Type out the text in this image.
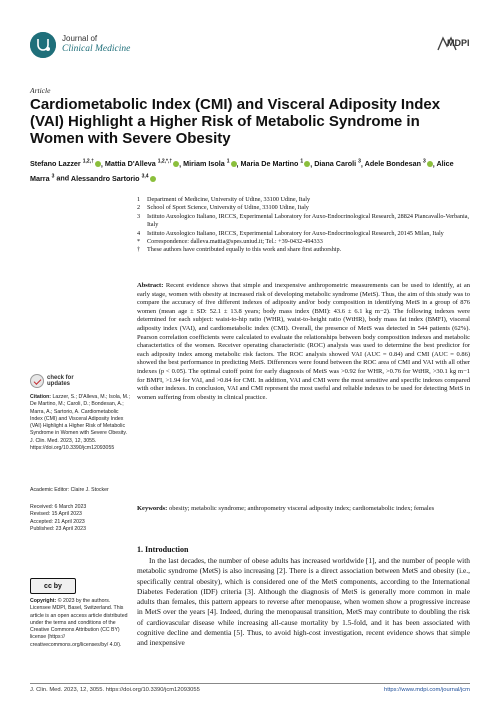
Journal of
Clinical Medicine
MDPI
Article
Cardiometabolic Index (CMI) and Visceral Adiposity Index (VAI) Highlight a Higher Risk of Metabolic Syndrome in Women with Severe Obesity
Stefano Lazzer $^{1,2,\dagger}$ , Mattia D'Alleva $^{1,2,*,\dagger}$ , Miriam Isola $^1$ , Maria De Martino $^1$ , Diana Caroli $^3$, Adele Bondesan $^3$ , Alice Marra $^3$ and Alessandro Sartorio $^{3,4}$
1	Department of Medicine, University of Udine, 33100 Udine, Italy
2	School of Sport Science, University of Udine, 33100 Udine, Italy
3	Istituto Auxologico Italiano, IRCCS, Experimental Laboratory for Auxo-Endocrinological Research, 28824 Piancavallo-Verbania, Italy
4	Istituto Auxologico Italiano, IRCCS, Experimental Laboratory for Auxo-Endocrinological Research, 20145 Milan, Italy
*	Correspondence: dalleva.mattia@spes.uniud.it; Tel.: +39-0432-494333
†	These authors have contributed equally to this work and share first authorship.
Abstract: Recent evidence shows that simple and inexpensive anthropometric measurements can be used to identify, at an early stage, women with obesity at increased risk of developing metabolic syndrome (MetS). Thus, the aim of this study was to compare the accuracy of five different indexes of adiposity and/or body composition in identifying MetS in a group of 876 women (mean age ± SD: 52.1 ± 13.8 years; body mass index (BMI): 43.6 ± 6.1 kg m−2). The following indexes were determined for each subject: waist-to-hip ratio (WHR), waist-to-height ratio (WtHR), body mass fat index (BMFI), visceral adiposity index (VAI), and cardiometabolic index (CMI). Overall, the presence of MetS was detected in 544 patients (62%). Pearson correlation coefficients were calculated to evaluate the relationships between body composition indexes and metabolic characteristics of the women. Receiver operating characteristic (ROC) analysis was used to determine the best predictor for each adiposity index among metabolic risk factors. The ROC analysis showed VAI (AUC = 0.84) and CMI (AUC = 0.86) showed the best performance in predicting MetS. Differences were found between the ROC area of CMI and VAI with all other indexes (p < 0.05). The optimal cutoff point for early diagnosis of MetS was >0.92 for WHR, >0.76 for WtHR, >30.1 kg m−1 for BMFI, >1.94 for VAI, and >0.84 for CMI. In addition, VAI and CMI were the most sensitive and specific indexes compared with other indexes. In conclusion, VAI and CMI represent the most useful and reliable indexes to be used for detecting MetS in women suffering from obesity in clinical practice.
Keywords: obesity; metabolic syndrome; anthropometry visceral adiposity index; cardiometabolic index; females
check for
updates
Citation: Lazzer, S.; D'Alleva, M.; Isola, M.; De Martino, M.; Caroli, D.; Bondesan, A.; Marra, A.; Sartorio, A. Cardiometabolic Index (CMI) and Visceral Adiposity Index (VAI) Highlight a Higher Risk of Metabolic Syndrome in Women with Severe Obesity. J. Clin. Med. 2023, 12, 3055. https://doi.org/10.3390/jcm12093055
Academic Editor: Claire J. Stocker
Received: 6 March 2023
Revised: 15 April 2023
Accepted: 21 April 2023
Published: 23 April 2023
cc by
Copyright: © 2023 by the authors. Licensee MDPI, Basel, Switzerland. This article is an open access article distributed under the terms and conditions of the Creative Commons Attribution (CC BY) license (https:// creativecommons.org/licenses/by/ 4.0/).
1. Introduction

In the last decades, the number of obese adults has increased worldwide [1], and the number of people with metabolic syndrome (MetS) is also increasing [2]. There is a direct association between MetS and obesity (i.e., specifically central obesity), which is considered one of the MetS components, according to the International Diabetes Federation (IDF) criteria [3]. Although the diagnosis of MetS is generally more common in male adults than females, this pattern appears to reverse after menopause, when women show a progressive increase in MetS over the years [4]. Indeed, during the menopausal transition, MetS may contribute to doubling the risk of cardiovascular disease while increasing all-cause mortality by 1.5-fold, and it has been associated with cognitive decline and dementia [5]. Thus, to avoid high-cost investigation, recent evidence shows that simple and inexpensive

J. Clin. Med. 2023, 12, 3055. https://doi.org/10.3390/jcm12093055	https://www.mdpi.com/journal/jcm
